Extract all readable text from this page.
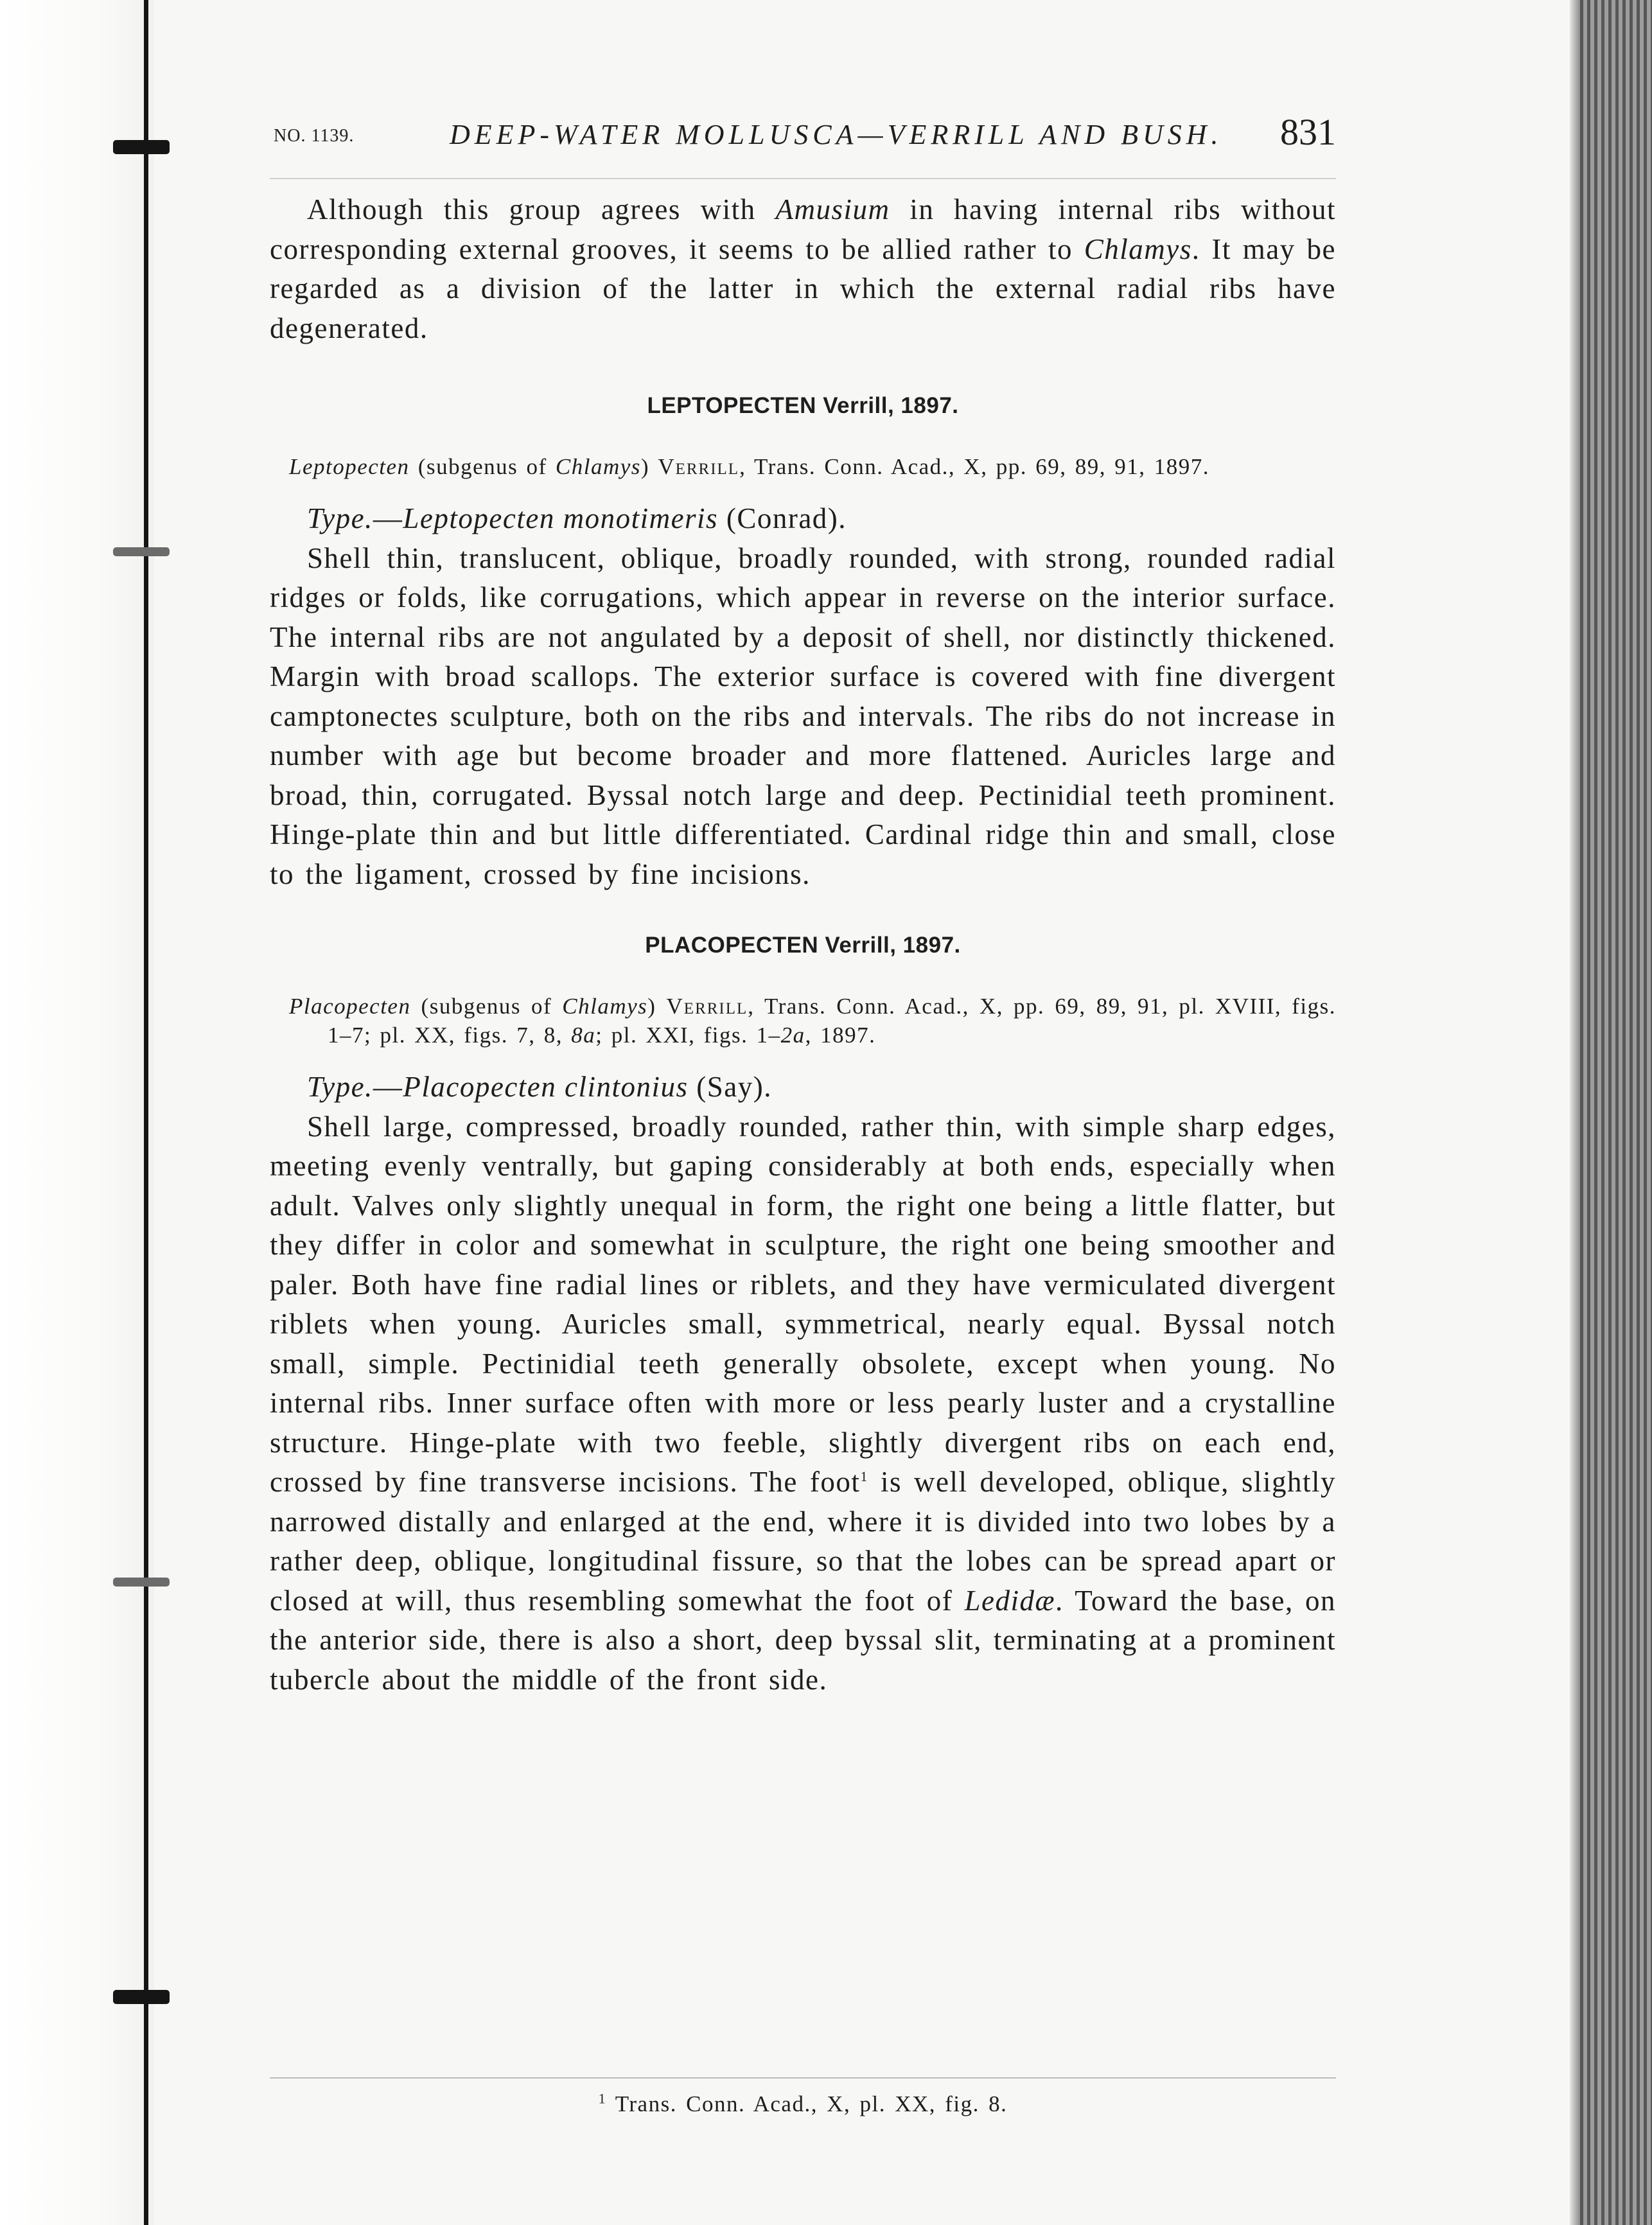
NO. 1139.	DEEP-WATER MOLLUSCA—VERRILL AND BUSH. 831

Although this group agrees with Amusium in having internal ribs without corresponding external grooves, it seems to be allied rather to Chlamys. It may be regarded as a division of the latter in which the external radial ribs have degenerated.

LEPTOPECTEN Verrill, 1897.

Leptopecten (subgenus of Chlamys) Verrill, Trans. Conn. Acad., X, pp. 69, 89, 91, 1897.

Type.—Leptopecten monotimeris (Conrad).

Shell thin, translucent, oblique, broadly rounded, with strong, rounded radial ridges or folds, like corrugations, which appear in reverse on the interior surface. The internal ribs are not angulated by a deposit of shell, nor distinctly thickened. Margin with broad scallops. The exterior surface is covered with fine divergent camptonectes sculpture, both on the ribs and intervals. The ribs do not increase in number with age but become broader and more flattened. Auricles large and broad, thin, corrugated. Byssal notch large and deep. Pectinidial teeth prominent. Hinge-plate thin and but little differentiated. Cardinal ridge thin and small, close to the ligament, crossed by fine incisions.

PLACOPECTEN Verrill, 1897.

Placopecten (subgenus of Chlamys) Verrill, Trans. Conn. Acad., X, pp. 69, 89, 91, pl. XVIII, figs. 1–7; pl. XX, figs. 7, 8, 8a; pl. XXI, figs. 1–2a, 1897.

Type.—Placopecten clintonius (Say).

Shell large, compressed, broadly rounded, rather thin, with simple sharp edges, meeting evenly ventrally, but gaping considerably at both ends, especially when adult. Valves only slightly unequal in form, the right one being a little flatter, but they differ in color and somewhat in sculpture, the right one being smoother and paler. Both have fine radial lines or riblets, and they have vermiculated divergent riblets when young. Auricles small, symmetrical, nearly equal. Byssal notch small, simple. Pectinidial teeth generally obsolete, except when young. No internal ribs. Inner surface often with more or less pearly luster and a crystalline structure. Hinge-plate with two feeble, slightly divergent ribs on each end, crossed by fine transverse incisions. The foot$^1$ is well developed, oblique, slightly narrowed distally and enlarged at the end, where it is divided into two lobes by a rather deep, oblique, longitudinal fissure, so that the lobes can be spread apart or closed at will, thus resembling somewhat the foot of Ledidæ. Toward the base, on the anterior side, there is also a short, deep byssal slit, terminating at a prominent tubercle about the middle of the front side.

$^1$ Trans. Conn. Acad., X, pl. XX, fig. 8.
